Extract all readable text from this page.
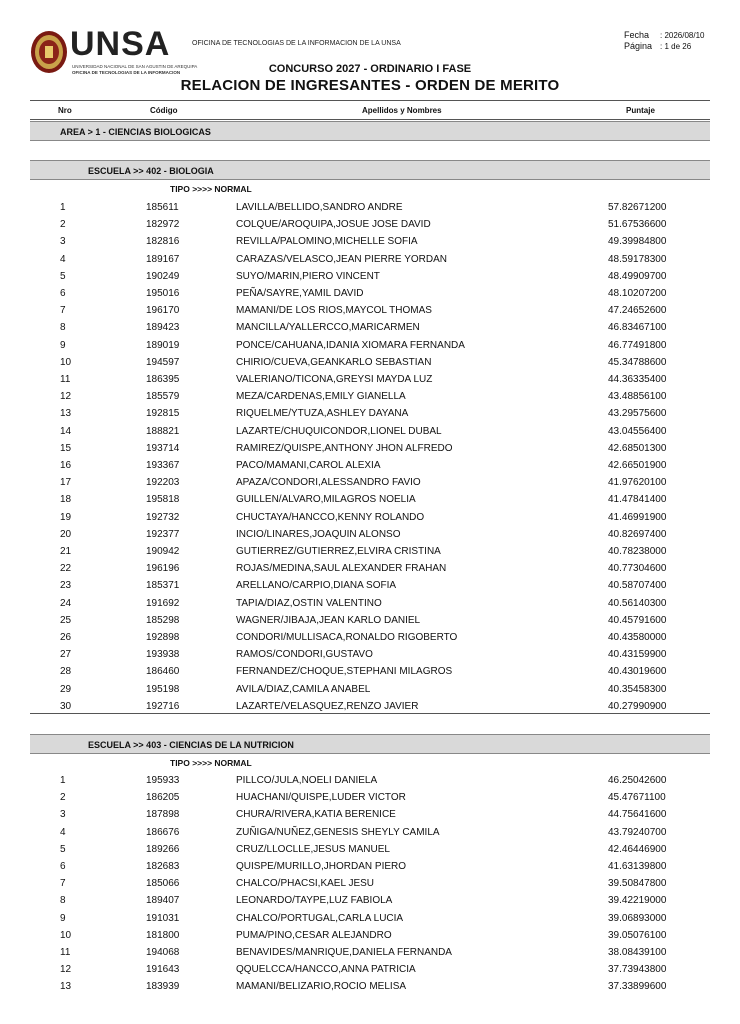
UNSA
UNIVERSIDAD NACIONAL DE SAN AGUSTIN DE AREQUIPA
OFICINA DE TECNOLOGIAS DE LA INFORMACION
OFICINA DE TECNOLOGIAS DE LA INFORMACION DE LA UNSA
Fecha : 2026/08/10
Página : 1 de 26
CONCURSO 2027 - ORDINARIO I FASE
RELACION DE INGRESANTES - ORDEN DE MERITO
Nro	Código	Apellidos y Nombres	Puntaje
AREA > 1 - CIENCIAS BIOLOGICAS
ESCUELA >> 402 - BIOLOGIA
TIPO >>>> NORMAL
1	185611	LAVILLA/BELLIDO,SANDRO ANDRE	57.82671200
2	182972	COLQUE/AROQUIPA,JOSUE JOSE DAVID	51.67536600
3	182816	REVILLA/PALOMINO,MICHELLE SOFIA	49.39984800
4	189167	CARAZAS/VELASCO,JEAN PIERRE YORDAN	48.59178300
5	190249	SUYO/MARIN,PIERO VINCENT	48.49909700
6	195016	PEÑA/SAYRE,YAMIL DAVID	48.10207200
7	196170	MAMANI/DE LOS RIOS,MAYCOL THOMAS	47.24652600
8	189423	MANCILLA/YALLERCCO,MARICARMEN	46.83467100
9	189019	PONCE/CAHUANA,IDANIA XIOMARA FERNANDA	46.77491800
10	194597	CHIRIO/CUEVA,GEANKARLO SEBASTIAN	45.34788600
11	186395	VALERIANO/TICONA,GREYSI MAYDA LUZ	44.36335400
12	185579	MEZA/CARDENAS,EMILY GIANELLA	43.48856100
13	192815	RIQUELME/YTUZA,ASHLEY DAYANA	43.29575600
14	188821	LAZARTE/CHUQUICONDOR,LIONEL DUBAL	43.04556400
15	193714	RAMIREZ/QUISPE,ANTHONY JHON ALFREDO	42.68501300
16	193367	PACO/MAMANI,CAROL ALEXIA	42.66501900
17	192203	APAZA/CONDORI,ALESSANDRO FAVIO	41.97620100
18	195818	GUILLEN/ALVARO,MILAGROS NOELIA	41.47841400
19	192732	CHUCTAYA/HANCCO,KENNY ROLANDO	41.46991900
20	192377	INCIO/LINARES,JOAQUIN ALONSO	40.82697400
21	190942	GUTIERREZ/GUTIERREZ,ELVIRA CRISTINA	40.78238000
22	196196	ROJAS/MEDINA,SAUL ALEXANDER FRAHAN	40.77304600
23	185371	ARELLANO/CARPIO,DIANA SOFIA	40.58707400
24	191692	TAPIA/DIAZ,OSTIN VALENTINO	40.56140300
25	185298	WAGNER/JIBAJA,JEAN KARLO DANIEL	40.45791600
26	192898	CONDORI/MULLISACA,RONALDO RIGOBERTO	40.43580000
27	193938	RAMOS/CONDORI,GUSTAVO	40.43159900
28	186460	FERNANDEZ/CHOQUE,STEPHANI MILAGROS	40.43019600
29	195198	AVILA/DIAZ,CAMILA ANABEL	40.35458300
30	192716	LAZARTE/VELASQUEZ,RENZO JAVIER	40.27990900
ESCUELA >> 403 - CIENCIAS DE LA NUTRICION
TIPO >>>> NORMAL
1	195933	PILLCO/JULA,NOELI DANIELA	46.25042600
2	186205	HUACHANI/QUISPE,LUDER VICTOR	45.47671100
3	187898	CHURA/RIVERA,KATIA BERENICE	44.75641600
4	186676	ZUÑIGA/NUÑEZ,GENESIS SHEYLY CAMILA	43.79240700
5	189266	CRUZ/LLOCLLE,JESUS MANUEL	42.46446900
6	182683	QUISPE/MURILLO,JHORDAN PIERO	41.63139800
7	185066	CHALCO/PHACSI,KAEL JESU	39.50847800
8	189407	LEONARDO/TAYPE,LUZ FABIOLA	39.42219000
9	191031	CHALCO/PORTUGAL,CARLA LUCIA	39.06893000
10	181800	PUMA/PINO,CESAR ALEJANDRO	39.05076100
11	194068	BENAVIDES/MANRIQUE,DANIELA FERNANDA	38.08439100
12	191643	QQUELCCA/HANCCO,ANNA PATRICIA	37.73943800
13	183939	MAMANI/BELIZARIO,ROCIO MELISA	37.33899600
